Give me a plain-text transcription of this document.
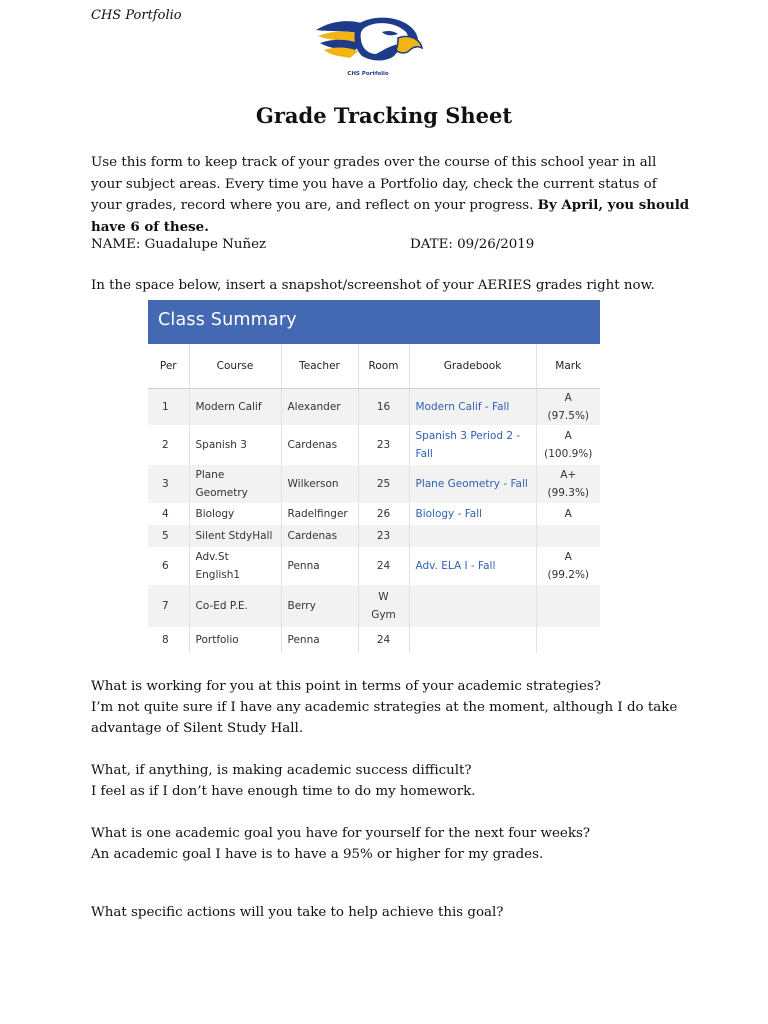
CHS Portfolio
CHS Portfolio
Grade Tracking Sheet
Use this form to keep track of your grades over the course of this school year in all your subject areas. Every time you have a Portfolio day, check the current status of your grades, record where you are, and reflect on your progress. By April, you should have 6 of these.
NAME: Guadalupe Nuñez	DATE: 09/26/2019
In the space below, insert a snapshot/screenshot of your AERIES grades right now.
Class Summary
Per	Course	Teacher	Room	Gradebook	Mark
1	Modern Calif	Alexander	16	Modern Calif - Fall	A (97.5%)
2	Spanish 3	Cardenas	23	Spanish 3 Period 2 - Fall	A (100.9%)
3	Plane Geometry	Wilkerson	25	Plane Geometry - Fall	A+ (99.3%)
4	Biology	Radelfinger	26	Biology - Fall	A
5	Silent StdyHall	Cardenas	23		
6	Adv.St English1	Penna	24	Adv. ELA I - Fall	A (99.2%)
7	Co-Ed P.E.	Berry	W Gym		
8	Portfolio	Penna	24		

What is working for you at this point in terms of your academic strategies?

I’m not quite sure if I have any academic strategies at the moment, although I do take advantage of Silent Study Hall.

What, if anything, is making academic success difficult?

I feel as if I don’t have enough time to do my homework.

What is one academic goal you have for yourself for the next four weeks?

An academic goal I have is to have a 95% or higher for my grades.

What specific actions will you take to help achieve this goal?
